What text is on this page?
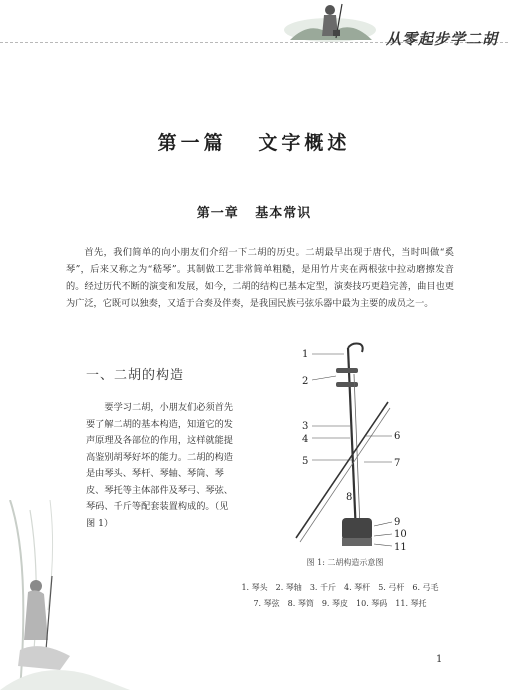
从零起步学二胡
第一篇   文字概述
第一章   基本常识

首先，我们简单的向小朋友们介绍一下二胡的历史。二胡最早出现于唐代，当时叫做“奚琴”，后来又称之为“嵇琴”。其制做工艺非常简单粗糙，是用竹片夹在两根弦中拉动磨擦发音的。经过历代不断的演变和发展，如今，二胡的结构已基本定型，演奏技巧更趋完善，曲目也更为广泛，它既可以独奏，又适于合奏及伴奏，是我国民族弓弦乐器中最为主要的成员之一。

一、二胡的构造

要学习二胡，小朋友们必须首先要了解二胡的基本构造，知道它的发声原理及各部位的作用，这样就能提高鉴别胡琴好坏的能力。二胡的构造是由琴头、琴杆、琴轴、琴筒、琴皮、琴托等主体部件及琴弓、琴弦、琴码、千斤等配套装置构成的。（见图 1）

1
2
3
4
5
8
6
7
9
10
11
图 1: 二胡构造示意图
1. 琴头 2. 琴轴 3. 千斤 4. 琴杆 5. 弓杆 6. 弓毛
7. 琴弦 8. 琴筒 9. 琴皮 10. 琴码 11. 琴托
1
